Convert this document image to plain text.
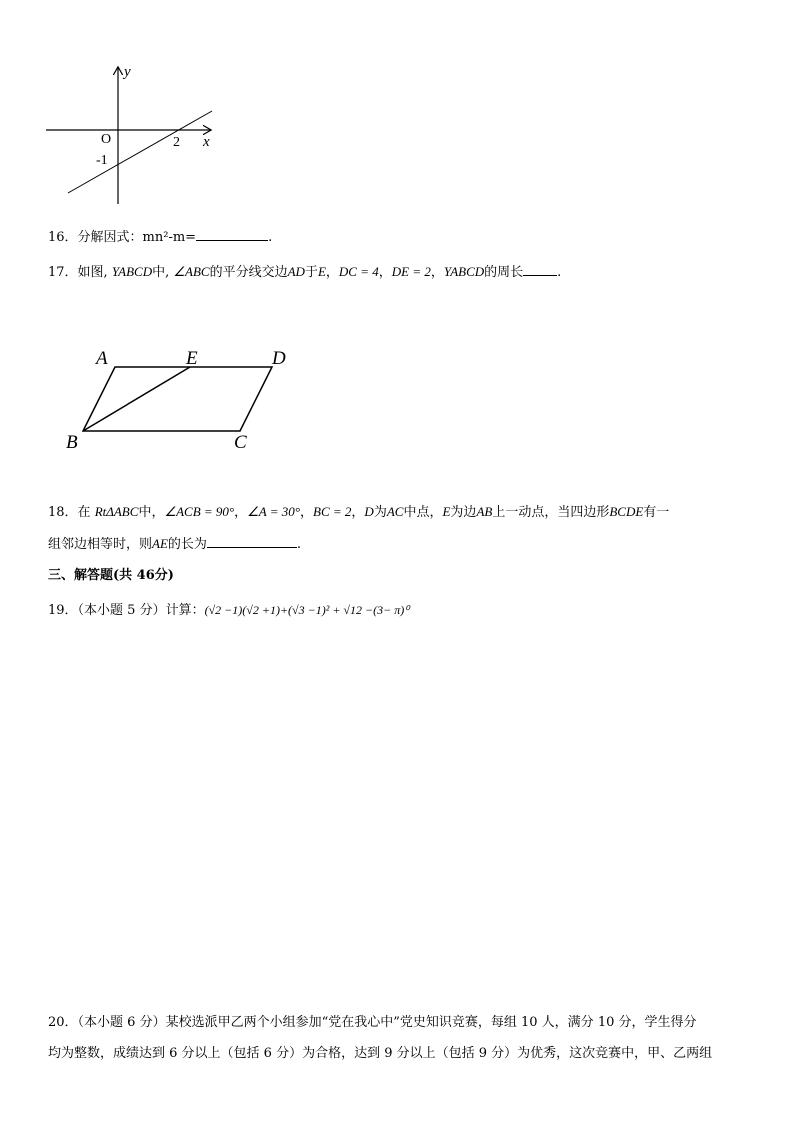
y
x
O	2
-1
16．分解因式：mn²-m=	.
17．如图, YABCD中, ∠ABC的平分线交边AD于E，DC = 4，DE = 2，YABCD的周长	.
A	E	D
B	C
18．在 RtΔABC中，∠ACB = 90°，∠A = 30°，BC = 2，D为AC中点，E为边AB上一动点，当四边形BCDE有一
组邻边相等时，则AE的长为	.
三、解答题(共 46分)
19．（本小题 5 分）计算：(√2 −1)(√2 +1)+(√3 −1)² + √12 −(3− π)⁰
20．（本小题 6 分）某校选派甲乙两个小组参加“党在我心中”党史知识竞赛，每组 10 人，满分 10 分，学生得分
均为整数，成绩达到 6 分以上（包括 6 分）为合格，达到 9 分以上（包括 9 分）为优秀，这次竞赛中，甲、乙两组
